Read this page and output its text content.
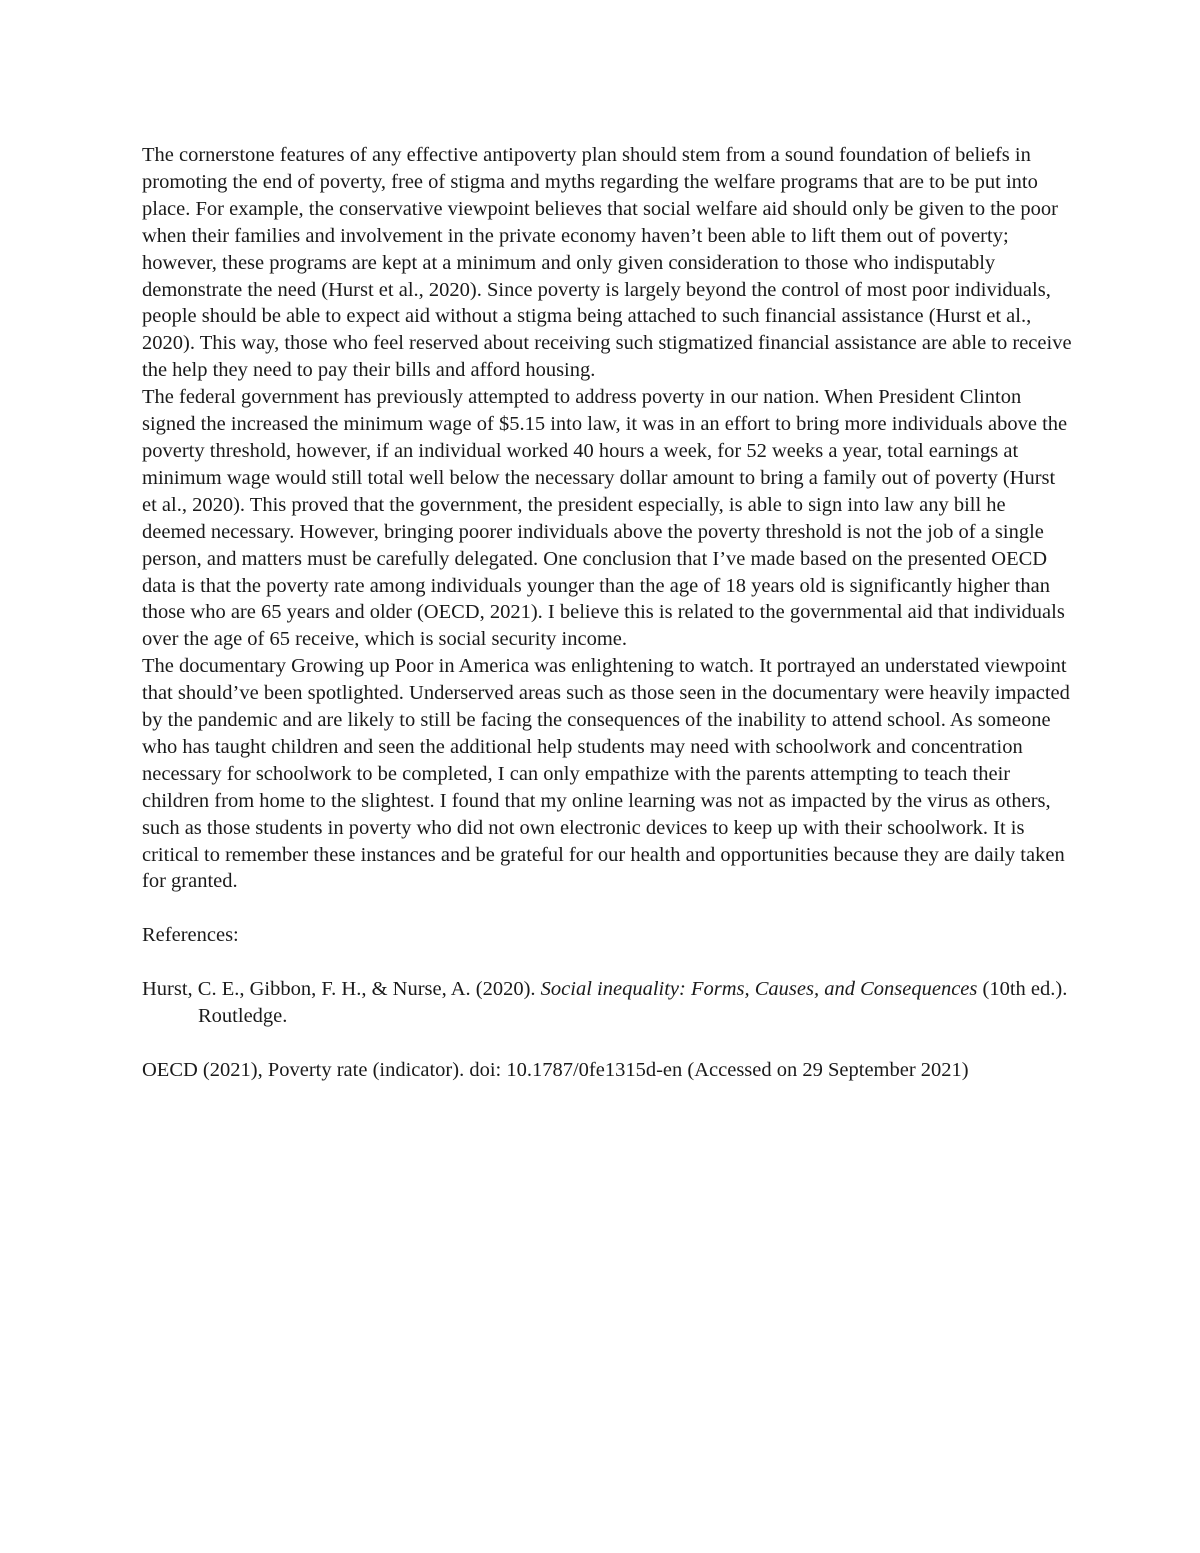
The cornerstone features of any effective antipoverty plan should stem from a sound foundation of beliefs in promoting the end of poverty, free of stigma and myths regarding the welfare programs that are to be put into place. For example, the conservative viewpoint believes that social welfare aid should only be given to the poor when their families and involvement in the private economy haven’t been able to lift them out of poverty; however, these programs are kept at a minimum and only given consideration to those who indisputably demonstrate the need (Hurst et al., 2020). Since poverty is largely beyond the control of most poor individuals, people should be able to expect aid without a stigma being attached to such financial assistance (Hurst et al., 2020). This way, those who feel reserved about receiving such stigmatized financial assistance are able to receive the help they need to pay their bills and afford housing.

The federal government has previously attempted to address poverty in our nation. When President Clinton signed the increased the minimum wage of $5.15 into law, it was in an effort to bring more individuals above the poverty threshold, however, if an individual worked 40 hours a week, for 52 weeks a year, total earnings at minimum wage would still total well below the necessary dollar amount to bring a family out of poverty (Hurst et al., 2020). This proved that the government, the president especially, is able to sign into law any bill he deemed necessary. However, bringing poorer individuals above the poverty threshold is not the job of a single person, and matters must be carefully delegated. One conclusion that I’ve made based on the presented OECD data is that the poverty rate among individuals younger than the age of 18 years old is significantly higher than those who are 65 years and older (OECD, 2021). I believe this is related to the governmental aid that individuals over the age of 65 receive, which is social security income.

The documentary Growing up Poor in America was enlightening to watch. It portrayed an understated viewpoint that should’ve been spotlighted. Underserved areas such as those seen in the documentary were heavily impacted by the pandemic and are likely to still be facing the consequences of the inability to attend school. As someone who has taught children and seen the additional help students may need with schoolwork and concentration necessary for schoolwork to be completed, I can only empathize with the parents attempting to teach their children from home to the slightest. I found that my online learning was not as impacted by the virus as others, such as those students in poverty who did not own electronic devices to keep up with their schoolwork. It is critical to remember these instances and be grateful for our health and opportunities because they are daily taken for granted.

References:

Hurst, C. E., Gibbon, F. H., & Nurse, A. (2020). Social inequality: Forms, Causes, and Consequences (10th ed.). Routledge.

OECD (2021), Poverty rate (indicator). doi: 10.1787/0fe1315d-en (Accessed on 29 September 2021)
